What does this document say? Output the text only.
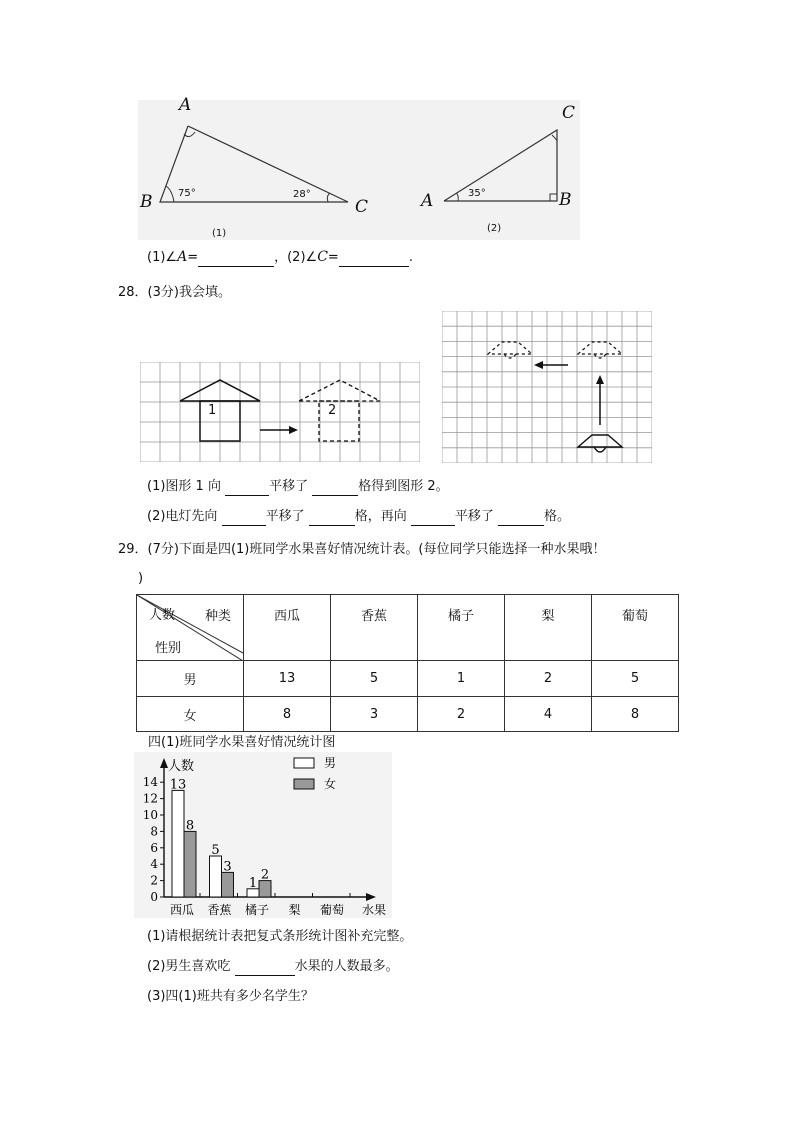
A
B	C
75°	28°
(1)
A	B
C
35°
(2)
(1)∠A=	，(2)∠C=	.
28．(3分)我会填。
1	2
(1)图形 1 向	平移了	格得到图形 2。
(2)电灯先向	平移了	格，再向	平移了	格。
29．(7分)下面是四(1)班同学水果喜好情况统计表。(每位同学只能选择一种水果哦！
)
人数 种类
性别	西瓜	香蕉	橘子	梨	葡萄
男	13	5	1	2	5
女	8	3	2	4	8
四(1)班同学水果喜好情况统计图
人数
水果
男
女
0
2
4
6
8
10
12
14
西瓜 香蕉 橘子 梨 葡萄
13
5
1
8
3
2
(1)请根据统计表把复式条形统计图补充完整。
(2)男生喜欢吃	水果的人数最多。
(3)四(1)班共有多少名学生？
